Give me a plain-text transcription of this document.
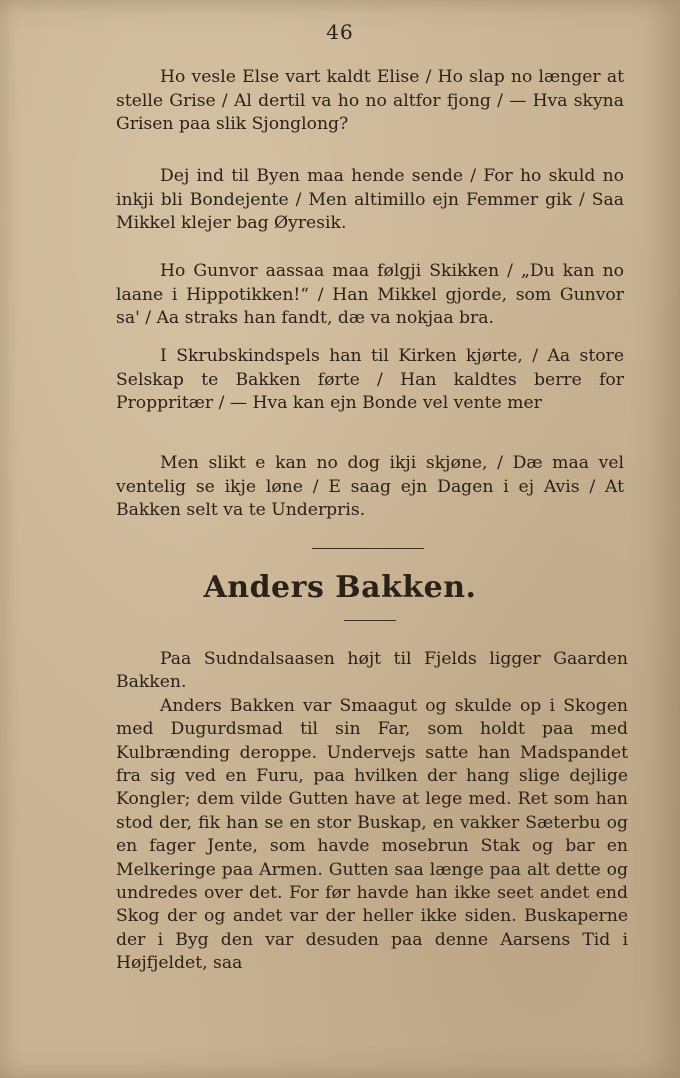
46
Ho vesle Else vart kaldt Elise / Ho slap no længer at stelle Grise / Al dertil va ho no altfor fjong / — Hva skyna Grisen paa slik Sjonglong?
Dej ind til Byen maa hende sende / For ho skuld no inkji bli Bondejente / Men altimillo ejn Femmer gik / Saa Mikkel klejer bag Øyresik.
Ho Gunvor aassaa maa følgji Skikken / „Du kan no laane i Hippotikken!“ / Han Mikkel gjorde, som Gunvor sa' / Aa straks han fandt, dæ va nokjaa bra.
I Skrubskindspels han til Kirken kjørte, / Aa store Selskap te Bakken førte / Han kaldtes berre for Proppritær / — Hva kan ejn Bonde vel vente mer
Men slikt e kan no dog ikji skjøne, / Dæ maa vel ventelig se ikje løne / E saag ejn Dagen i ej Avis / At Bakken selt va te Underpris.
Anders Bakken.

Paa Sudndalsaasen højt til Fjelds ligger Gaarden Bakken.

Anders Bakken var Smaagut og skulde op i Skogen med Dugurdsmad til sin Far, som holdt paa med Kulbrænding deroppe. Undervejs satte han Madspandet fra sig ved en Furu, paa hvilken der hang slige dejlige Kongler; dem vilde Gutten have at lege med. Ret som han stod der, fik han se en stor Buskap, en vakker Sæterbu og en fager Jente, som havde mosebrun Stak og bar en Melkeringe paa Armen. Gutten saa længe paa alt dette og undredes over det. For før havde han ikke seet andet end Skog der og andet var der heller ikke siden. Buskaperne der i Byg den var desuden paa denne Aarsens Tid i Højfjeldet, saa
